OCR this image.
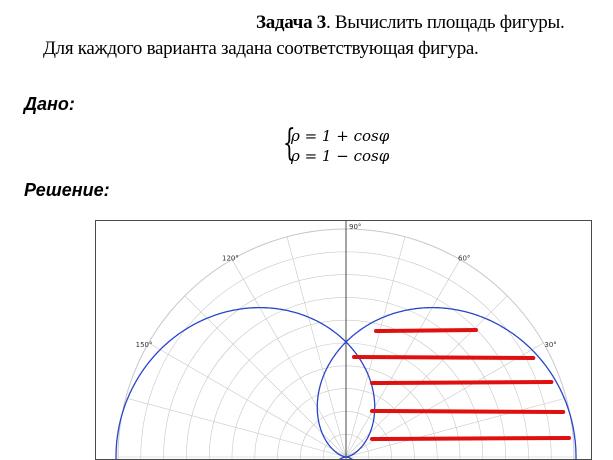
Задача 3. Вычислить площадь фигуры.
Для каждого варианта задана соответствующая фигура.
Дано:
{
ρ = 1 + cosφ
ρ = 1 − cosφ
Решение:
90°
60°
30°
120°
150°
